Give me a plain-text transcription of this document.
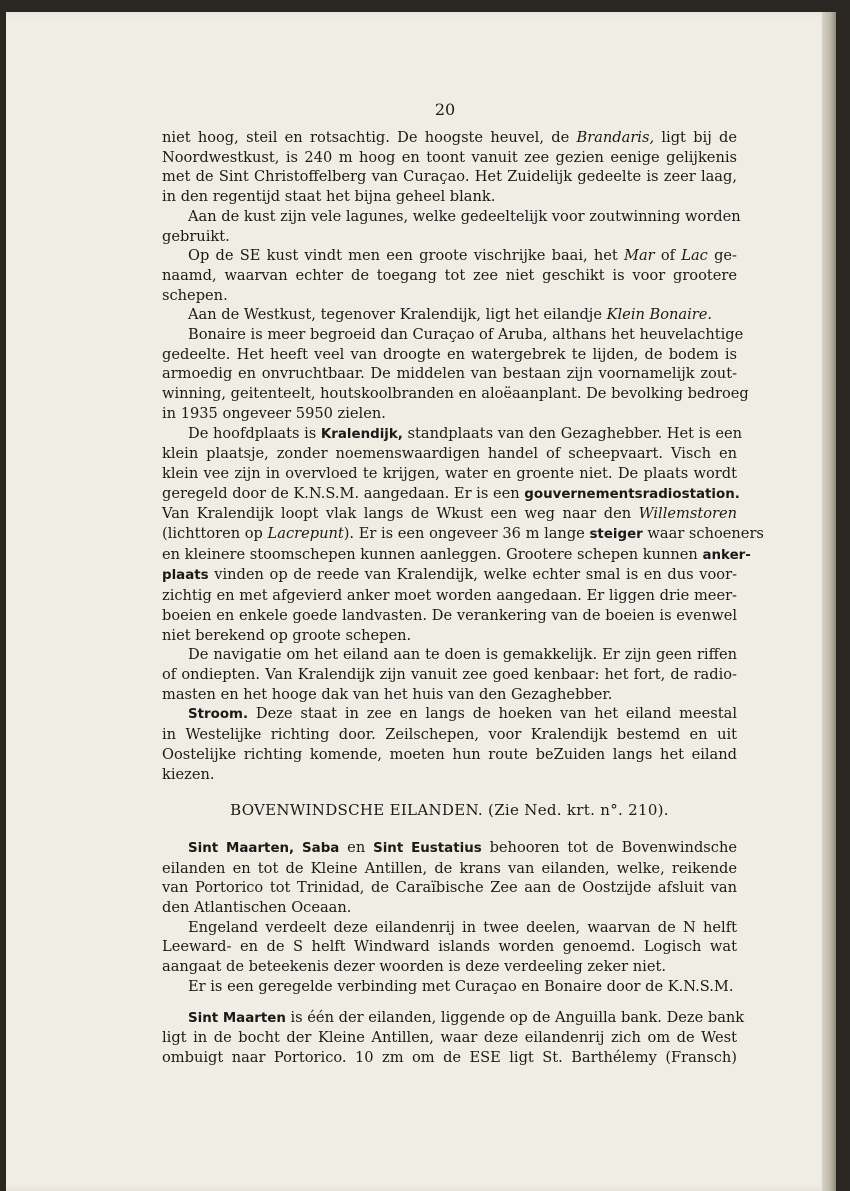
20
niet hoog, steil en rotsachtig. De hoogste heuvel, de Brandaris, ligt bij de
Noordwestkust, is 240 m hoog en toont vanuit zee gezien eenige gelijkenis
met de Sint Christoffelberg van Curaçao. Het Zuidelijk gedeelte is zeer laag,
in den regentijd staat het bijna geheel blank.
Aan de kust zijn vele lagunes, welke gedeeltelijk voor zoutwinning worden
gebruikt.
Op de SE kust vindt men een groote vischrijke baai, het Mar of Lac ge-
naamd, waarvan echter de toegang tot zee niet geschikt is voor grootere
schepen.
Aan de Westkust, tegenover Kralendijk, ligt het eilandje Klein Bonaire.
Bonaire is meer begroeid dan Curaçao of Aruba, althans het heuvelachtige
gedeelte. Het heeft veel van droogte en watergebrek te lijden, de bodem is
armoedig en onvruchtbaar. De middelen van bestaan zijn voornamelijk zout-
winning, geitenteelt, houtskoolbranden en aloëaanplant. De bevolking bedroeg
in 1935 ongeveer 5950 zielen.
De hoofdplaats is Kralendijk, standplaats van den Gezaghebber. Het is een
klein plaatsje, zonder noemenswaardigen handel of scheepvaart. Visch en
klein vee zijn in overvloed te krijgen, water en groente niet. De plaats wordt
geregeld door de K.N.S.M. aangedaan. Er is een gouvernementsradiostation.
Van Kralendijk loopt vlak langs de Wkust een weg naar den Willemstoren
(lichttoren op Lacrepunt). Er is een ongeveer 36 m lange steiger waar schoeners
en kleinere stoomschepen kunnen aanleggen. Grootere schepen kunnen anker-
plaats vinden op de reede van Kralendijk, welke echter smal is en dus voor-
zichtig en met afgevierd anker moet worden aangedaan. Er liggen drie meer-
boeien en enkele goede landvasten. De verankering van de boeien is evenwel
niet berekend op groote schepen.
De navigatie om het eiland aan te doen is gemakkelijk. Er zijn geen riffen
of ondiepten. Van Kralendijk zijn vanuit zee goed kenbaar: het fort, de radio-
masten en het hooge dak van het huis van den Gezaghebber.
Stroom. Deze staat in zee en langs de hoeken van het eiland meestal
in Westelijke richting door. Zeilschepen, voor Kralendijk bestemd en uit
Oostelijke richting komende, moeten hun route beZuiden langs het eiland
kiezen.
BOVENWINDSCHE EILANDEN. (Zie Ned. krt. n°. 210).
Sint Maarten, Saba en Sint Eustatius behooren tot de Bovenwindsche
eilanden en tot de Kleine Antillen, de krans van eilanden, welke, reikende
van Portorico tot Trinidad, de Caraïbische Zee aan de Oostzijde afsluit van
den Atlantischen Oceaan.
Engeland verdeelt deze eilandenrij in twee deelen, waarvan de N helft
Leeward- en de S helft Windward islands worden genoemd. Logisch wat
aangaat de beteekenis dezer woorden is deze verdeeling zeker niet.
Er is een geregelde verbinding met Curaçao en Bonaire door de K.N.S.M.
Sint Maarten is één der eilanden, liggende op de Anguilla bank. Deze bank
ligt in de bocht der Kleine Antillen, waar deze eilandenrij zich om de West
ombuigt naar Portorico. 10 zm om de ESE ligt St. Barthélemy (Fransch)
